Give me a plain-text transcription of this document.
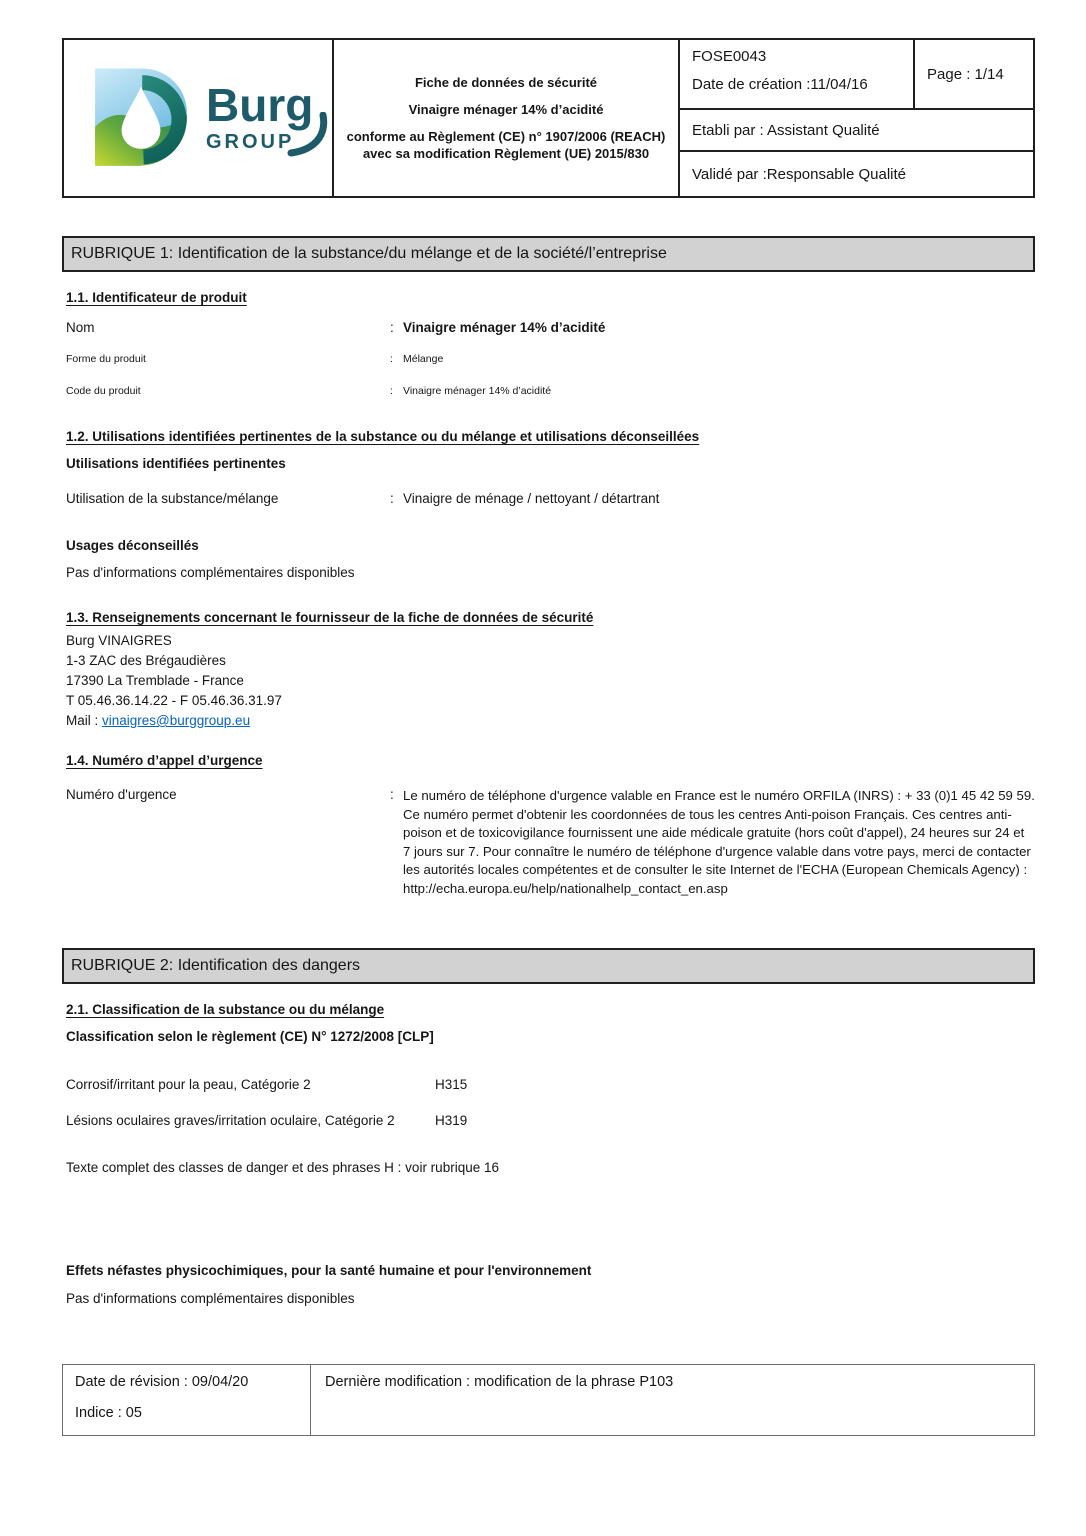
Burg
GROUP

Fiche de données de sécurité

Vinaigre ménager 14% d’acidité

conforme au Règlement (CE) n° 1907/2006 (REACH) avec sa modification Règlement (UE) 2015/830

FOSE0043

Date de création :11/04/16

Page : 1/14
Etabli par : Assistant Qualité
Validé par :Responsable Qualité
RUBRIQUE 1: Identification de la substance/du mélange et de la société/l’entreprise
1.1. Identificateur de produit
Nom	: Vinaigre ménager 14% d’acidité
Forme du produit	: Mélange
Code du produit	: Vinaigre ménager 14% d’acidité
1.2. Utilisations identifiées pertinentes de la substance ou du mélange et utilisations déconseillées
Utilisations identifiées pertinentes
Utilisation de la substance/mélange	: Vinaigre de ménage / nettoyant / détartrant
Usages déconseillés
Pas d'informations complémentaires disponibles
1.3. Renseignements concernant le fournisseur de la fiche de données de sécurité

Burg VINAIGRES

1-3 ZAC des Brégaudières

17390 La Tremblade - France

T 05.46.36.14.22 - F 05.46.36.31.97

Mail : vinaigres@burggroup.eu

1.4. Numéro d’appel d’urgence
Numéro d'urgence	: Le numéro de téléphone d'urgence valable en France est le numéro ORFILA (INRS) : + 33 (0)1 45 42 59 59. Ce numéro permet d'obtenir les coordonnées de tous les centres Anti-poison Français. Ces centres anti-poison et de toxicovigilance fournissent une aide médicale gratuite (hors coût d'appel), 24 heures sur 24 et 7 jours sur 7. Pour connaître le numéro de téléphone d'urgence valable dans votre pays, merci de contacter les autorités locales compétentes et de consulter le site Internet de l'ECHA (European Chemicals Agency) :
http://echa.europa.eu/help/nationalhelp_contact_en.asp
RUBRIQUE 2: Identification des dangers
2.1. Classification de la substance ou du mélange
Classification selon le règlement (CE) N° 1272/2008 [CLP]
Corrosif/irritant pour la peau, Catégorie 2	H315
Lésions oculaires graves/irritation oculaire, Catégorie 2	H319
Texte complet des classes de danger et des phrases H : voir rubrique 16
Effets néfastes physicochimiques, pour la santé humaine et pour l'environnement
Pas d'informations complémentaires disponibles

Date de révision : 09/04/20

Indice : 05

Dernière modification : modification de la phrase P103
